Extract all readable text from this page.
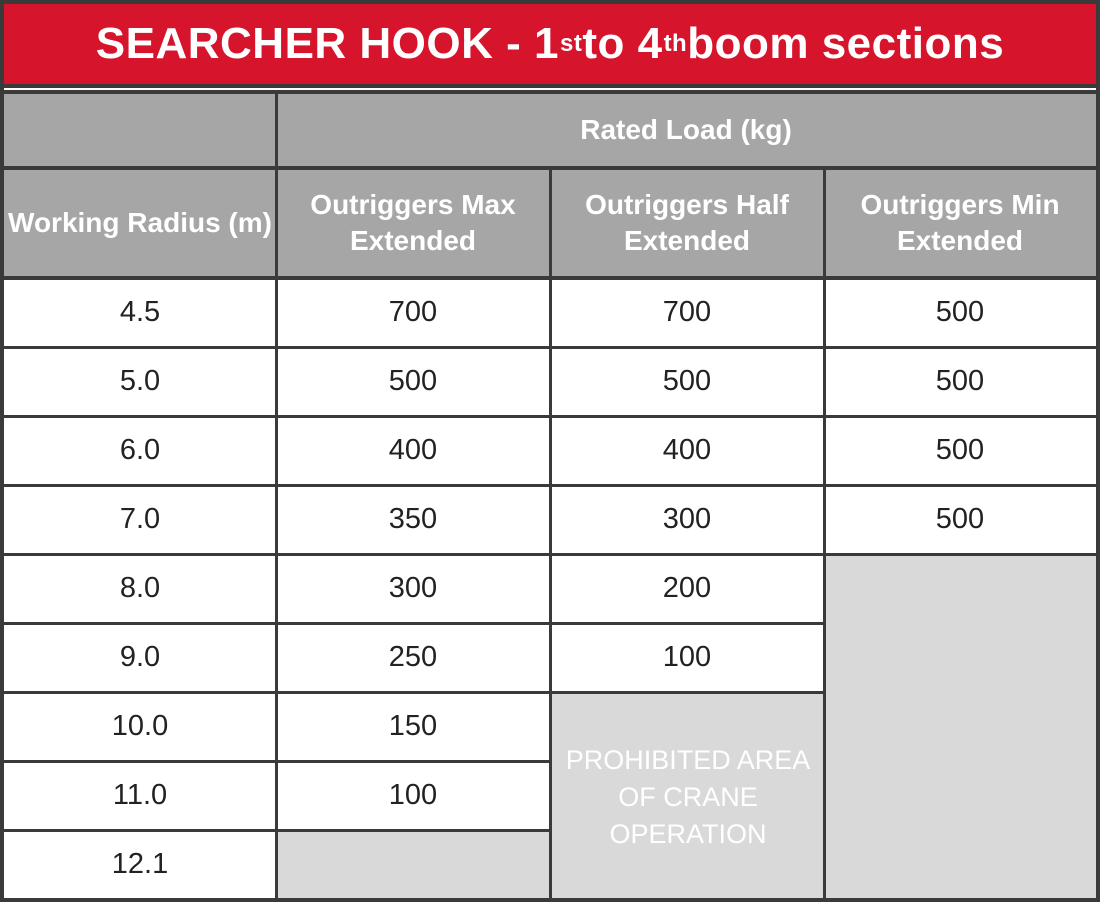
SEARCHER HOOK - 1 st to 4 th boom sections
Rated Load (kg)
Working Radius (m)
Outriggers Max Extended
Outriggers Half Extended
Outriggers Min Extended
4.5	700	700	500
5.0	500	500	500
6.0	400	400	500
7.0	350	300	500
8.0	300	200
9.0	250	100
10.0	150
11.0	100
12.1
PROHIBITED AREA OF CRANE OPERATION
